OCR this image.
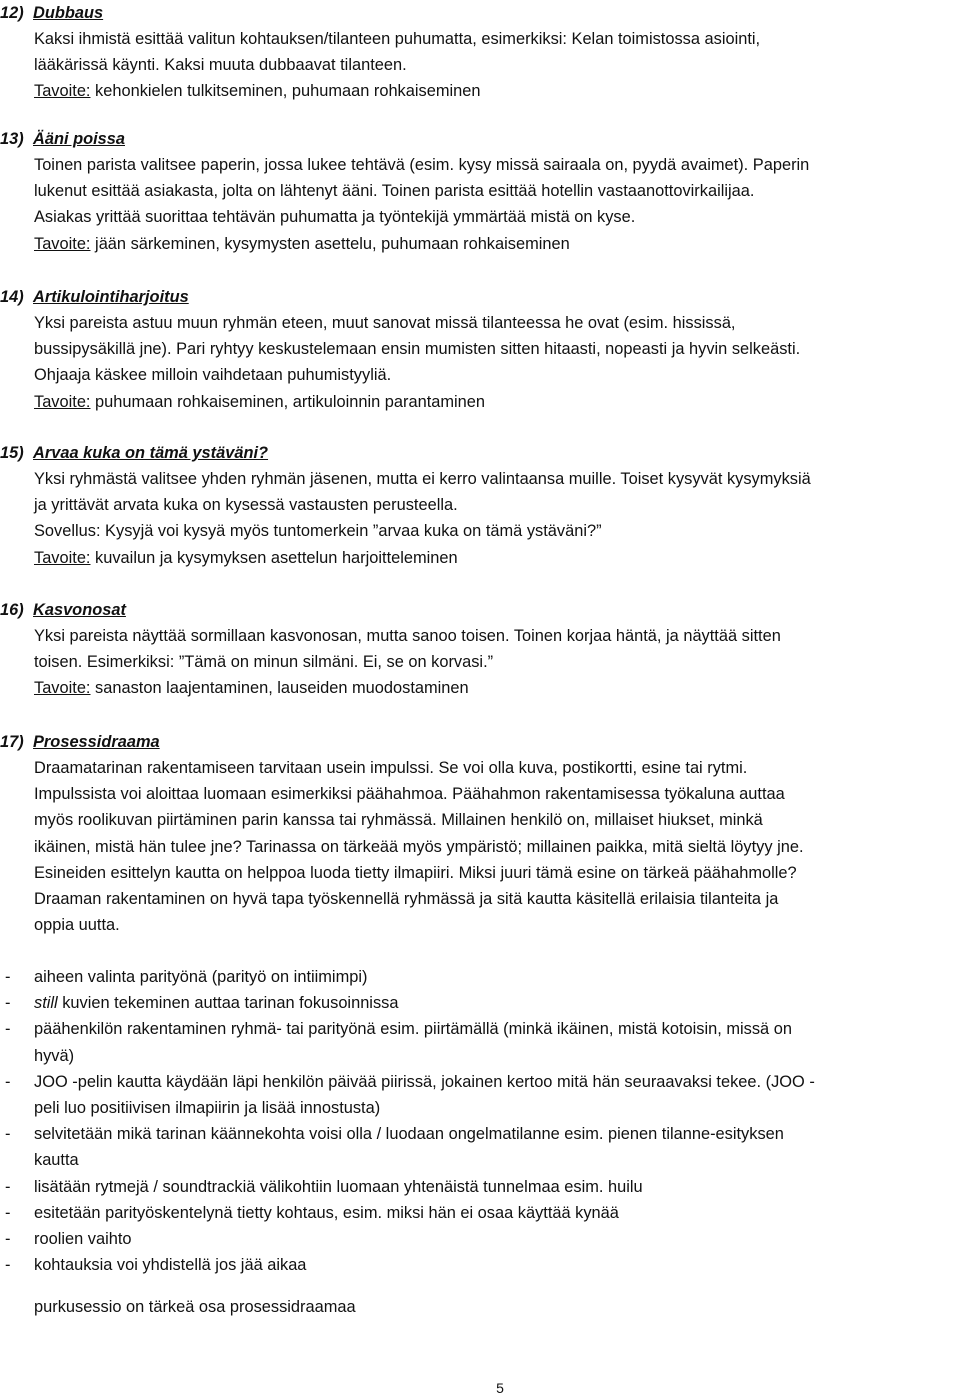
12) Dubbaus
Kaksi ihmistä esittää valitun kohtauksen/tilanteen puhumatta, esimerkiksi: Kelan toimistossa asiointi,
lääkärissä käynti. Kaksi muuta dubbaavat tilanteen.
Tavoite: kehonkielen tulkitseminen, puhumaan rohkaiseminen
13) Ääni poissa
Toinen parista valitsee paperin, jossa lukee tehtävä (esim. kysy missä sairaala on, pyydä avaimet). Paperin
lukenut esittää asiakasta, jolta on lähtenyt ääni. Toinen parista esittää hotellin vastaanottovirkailijaa.
Asiakas yrittää suorittaa tehtävän puhumatta ja työntekijä ymmärtää mistä on kyse.
Tavoite: jään särkeminen, kysymysten asettelu, puhumaan rohkaiseminen
14) Artikulointiharjoitus
Yksi pareista astuu muun ryhmän eteen, muut sanovat missä tilanteessa he ovat (esim. hississä,
bussipysäkillä jne). Pari ryhtyy keskustelemaan ensin mumisten sitten hitaasti, nopeasti ja hyvin selkeästi.
Ohjaaja käskee milloin vaihdetaan puhumistyyliä.
Tavoite: puhumaan rohkaiseminen, artikuloinnin parantaminen
15) Arvaa kuka on tämä ystäväni?
Yksi ryhmästä valitsee yhden ryhmän jäsenen, mutta ei kerro valintaansa muille. Toiset kysyvät kysymyksiä
ja yrittävät arvata kuka on kysessä vastausten perusteella.
Sovellus: Kysyjä voi kysyä myös tuntomerkein ”arvaa kuka on tämä ystäväni?”
Tavoite: kuvailun ja kysymyksen asettelun harjoitteleminen
16) Kasvonosat
Yksi pareista näyttää sormillaan kasvonosan, mutta sanoo toisen. Toinen korjaa häntä, ja näyttää sitten
toisen. Esimerkiksi: ”Tämä on minun silmäni. Ei, se on korvasi.”
Tavoite: sanaston laajentaminen, lauseiden muodostaminen
17) Prosessidraama
Draamatarinan rakentamiseen tarvitaan usein impulssi. Se voi olla kuva, postikortti, esine tai rytmi.
Impulssista voi aloittaa luomaan esimerkiksi päähahmoa. Päähahmon rakentamisessa työkaluna auttaa
myös roolikuvan piirtäminen parin kanssa tai ryhmässä. Millainen henkilö on, millaiset hiukset, minkä
ikäinen, mistä hän tulee jne? Tarinassa on tärkeää myös ympäristö; millainen paikka, mitä sieltä löytyy jne.
Esineiden esittelyn kautta on helppoa luoda tietty ilmapiiri. Miksi juuri tämä esine on tärkeä päähahmolle?
Draaman rakentaminen on hyvä tapa työskennellä ryhmässä ja sitä kautta käsitellä erilaisia tilanteita ja
oppia uutta.
- aiheen valinta parityönä (parityö on intiimimpi)
- still kuvien tekeminen auttaa tarinan fokusoinnissa
- päähenkilön rakentaminen ryhmä- tai parityönä esim. piirtämällä (minkä ikäinen, mistä kotoisin, missä on
hyvä)
- JOO -pelin kautta käydään läpi henkilön päivää piirissä, jokainen kertoo mitä hän seuraavaksi tekee. (JOO -
peli luo positiivisen ilmapiirin ja lisää innostusta)
- selvitetään mikä tarinan käännekohta voisi olla / luodaan ongelmatilanne esim. pienen tilanne-esityksen
kautta
- lisätään rytmejä / soundtrackiä välikohtiin luomaan yhtenäistä tunnelmaa esim. huilu
- esitetään parityöskentelynä tietty kohtaus, esim. miksi hän ei osaa käyttää kynää
- roolien vaihto
- kohtauksia voi yhdistellä jos jää aikaa
purkusessio on tärkeä osa prosessidraamaa
5
